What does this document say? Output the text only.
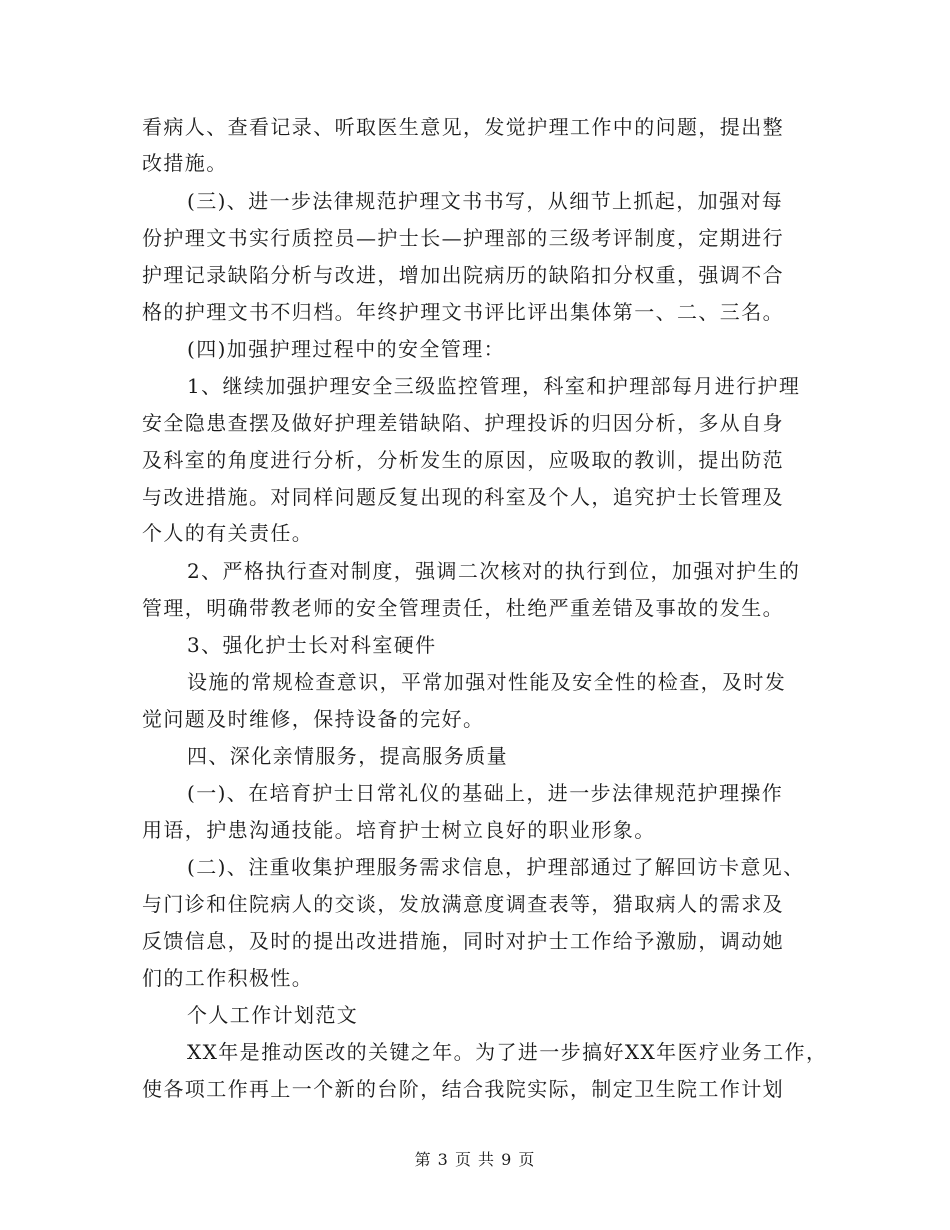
看病人、查看记录、听取医生意见，发觉护理工作中的问题，提出整
改措施。
(三)、进一步法律规范护理文书书写，从细节上抓起，加强对每
份护理文书实行质控员—护士长—护理部的三级考评制度，定期进行
护理记录缺陷分析与改进，增加出院病历的缺陷扣分权重，强调不合
格的护理文书不归档。年终护理文书评比评出集体第一、二、三名。
(四)加强护理过程中的安全管理：
1、继续加强护理安全三级监控管理，科室和护理部每月进行护理
安全隐患查摆及做好护理差错缺陷、护理投诉的归因分析，多从自身
及科室的角度进行分析，分析发生的原因，应吸取的教训，提出防范
与改进措施。对同样问题反复出现的科室及个人，追究护士长管理及
个人的有关责任。
2、严格执行查对制度，强调二次核对的执行到位，加强对护生的
管理，明确带教老师的安全管理责任，杜绝严重差错及事故的发生。
3、强化护士长对科室硬件
设施的常规检查意识，平常加强对性能及安全性的检查，及时发
觉问题及时维修，保持设备的完好。
四、深化亲情服务，提高服务质量
(一)、在培育护士日常礼仪的基础上，进一步法律规范护理操作
用语，护患沟通技能。培育护士树立良好的职业形象。
(二)、注重收集护理服务需求信息，护理部通过了解回访卡意见、
与门诊和住院病人的交谈，发放满意度调查表等，猎取病人的需求及
反馈信息，及时的提出改进措施，同时对护士工作给予激励，调动她
们的工作积极性。
个人工作计划范文
XX年是推动医改的关键之年。为了进一步搞好XX年医疗业务工作，
使各项工作再上一个新的台阶，结合我院实际，制定卫生院工作计划
第 3 页 共 9 页
